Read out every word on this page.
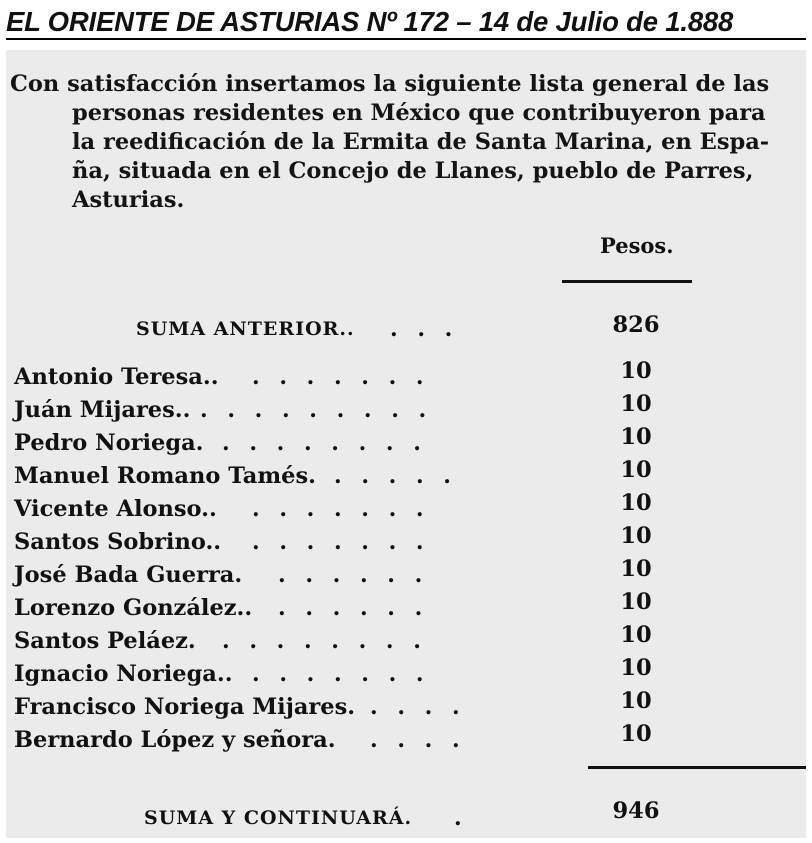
EL ORIENTE DE ASTURIAS Nº 172 – 14 de Julio de 1.888
Con satisfacción insertamos la siguiente lista general de las
personas residentes en México que contribuyeron para
la reedificación de la Ermita de Santa Marina, en Espa-
ña, situada en el Concejo de Llanes, pueblo de Parres,
Asturias.
Pesos.
SUMA ANTERIOR.. . . .	826
Antonio Teresa.. . . . . . . .	10
Juán Mijares.. . . . . . . . . .	10
Pedro Noriega. . . . . . . . .	10
Manuel Romano Tamés. . . . . .	10
Vicente Alonso.. . . . . . . .	10
Santos Sobrino.. . . . . . . .	10
José Bada Guerra. . . . . . .	10
Lorenzo González.. . . . . . .	10
Santos Peláez. . . . . . . . .	10
Ignacio Noriega.. . . . . . . .	10
Francisco Noriega Mijares. . . . .	10
Bernardo López y señora. . . . .	10
SUMA Y CONTINUARÁ. .	946
